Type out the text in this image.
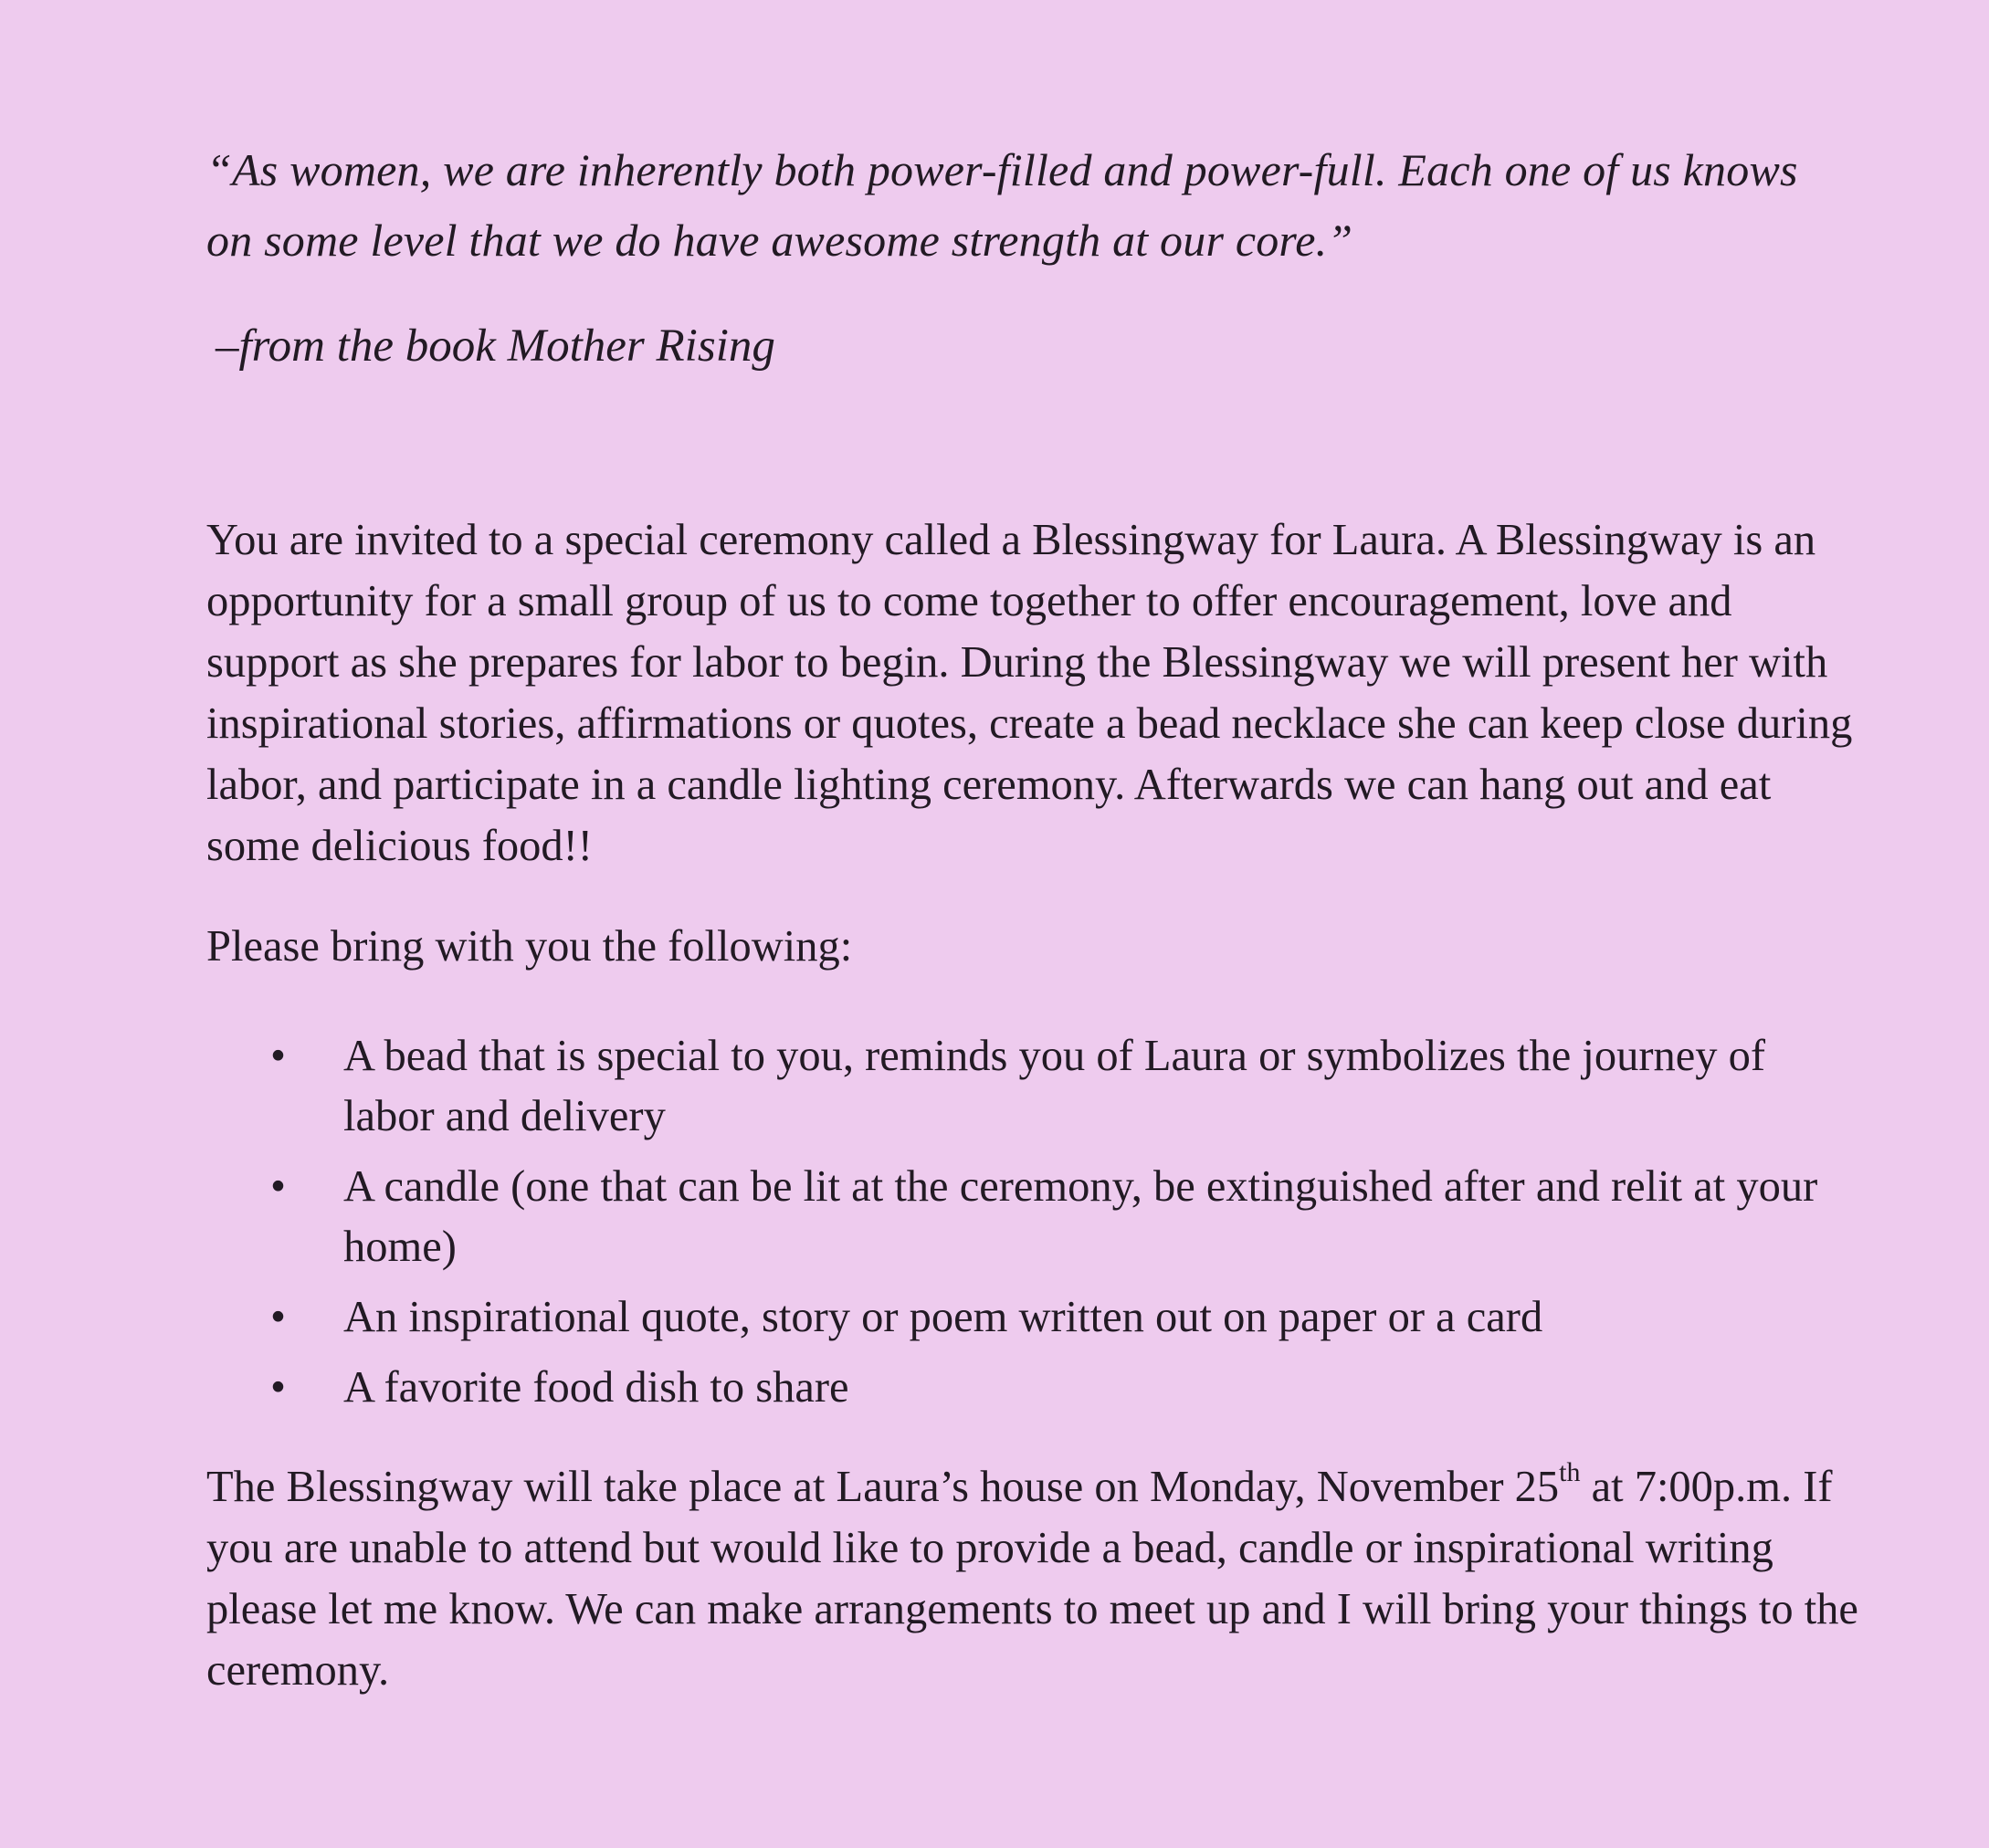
“As women, we are inherently both power-filled and power-full. Each one of us knows on some level that we do have awesome strength at our core.”

–from the book Mother Rising

You are invited to a special ceremony called a Blessingway for Laura. A Blessingway is an opportunity for a small group of us to come together to offer encouragement, love and support as she prepares for labor to begin. During the Blessingway we will present her with inspirational stories, affirmations or quotes, create a bead necklace she can keep close during labor, and participate in a candle lighting ceremony. Afterwards we can hang out and eat some delicious food!!

Please bring with you the following:

•	A bead that is special to you, reminds you of Laura or symbolizes the journey of labor and delivery
•	A candle (one that can be lit at the ceremony, be extinguished after and relit at your home)
•	An inspirational quote, story or poem written out on paper or a card
•	A favorite food dish to share

The Blessingway will take place at Laura’s house on Monday, November 25th at 7:00p.m. If you are unable to attend but would like to provide a bead, candle or inspirational writing please let me know. We can make arrangements to meet up and I will bring your things to the ceremony.
